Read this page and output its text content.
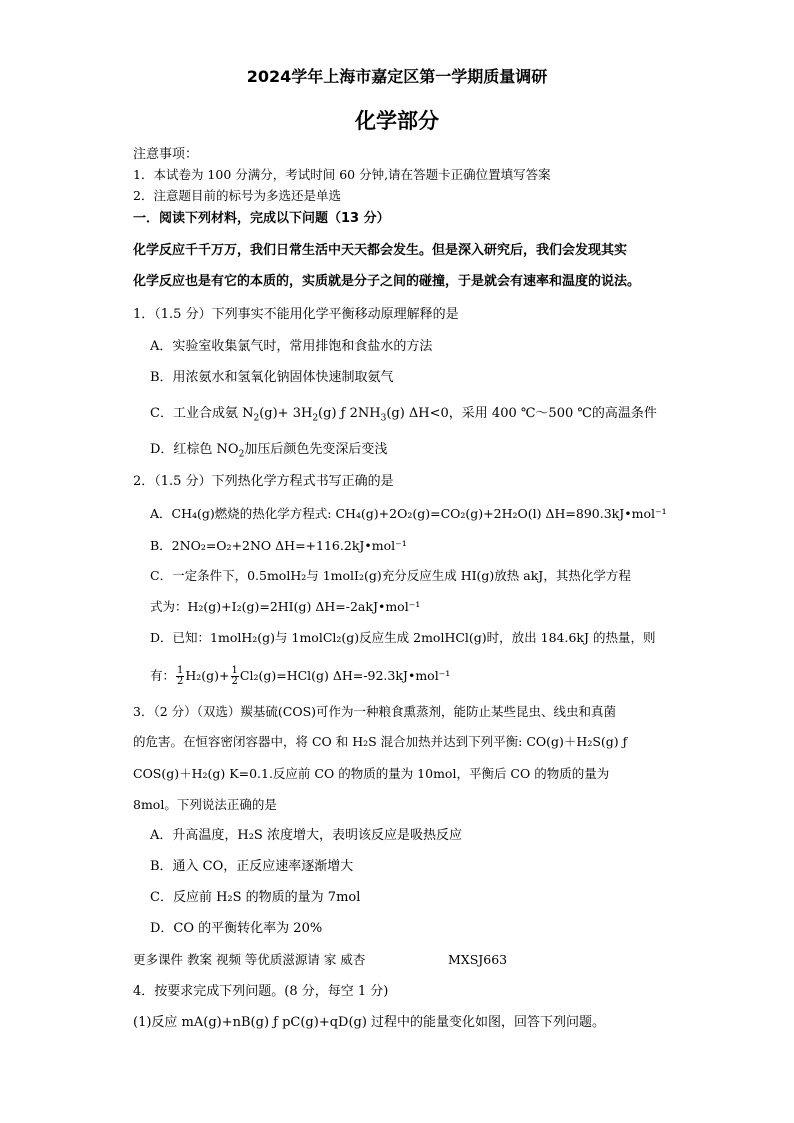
2024学年上海市嘉定区第一学期质量调研
化学部分
注意事项：
1．本试卷为 100 分满分，考试时间 60 分钟,请在答题卡正确位置填写答案
2．注意题目前的标号为多选还是单选
一．阅读下列材料，完成以下问题（13 分）
化学反应千千万万，我们日常生活中天天都会发生。但是深入研究后，我们会发现其实
化学反应也是有它的本质的，实质就是分子之间的碰撞，于是就会有速率和温度的说法。
1．（1.5 分）下列事实不能用化学平衡移动原理解释的是
A．实验室收集氯气时，常用排饱和食盐水的方法
B．用浓氨水和氢氧化钠固体快速制取氨气
C．工业合成氨 $N_2(g)+ 3H_2(g)$ ƒ $2NH_3(g)$ ΔH<0，采用 400 ℃～500 ℃的高温条件
D．红棕色 $NO_2$加压后颜色先变深后变浅
2．（1.5 分）下列热化学方程式书写正确的是
A．CH₄(g)燃烧的热化学方程式: CH₄(g)+2O₂(g)=CO₂(g)+2H₂O(l) ΔH=890.3kJ•mol⁻¹
B．2NO₂=O₂+2NO ΔH=+116.2kJ•mol⁻¹
C．一定条件下，0.5molH₂与 1molI₂(g)充分反应生成 HI(g)放热 akJ，其热化学方程
式为：H₂(g)+I₂(g)=2HI(g) ΔH=-2akJ•mol⁻¹
D．已知：1molH₂(g)与 1molCl₂(g)反应生成 2molHCl(g)时，放出 184.6kJ 的热量，则
有： $\frac{1}{2} H_2(g)+ \frac{1}{2} Cl_2(g)=HCl(g)$ ΔH=-92.3kJ•mol⁻¹
3．（2 分）（双选）羰基硫(COS)可作为一种粮食熏蒸剂，能防止某些昆虫、线虫和真菌
的危害。在恒容密闭容器中，将 CO 和 H₂S 混合加热并达到下列平衡: CO(g)＋H₂S(g) ƒ
COS(g)＋H₂(g) K=0.1.反应前 CO 的物质的量为 10mol，平衡后 CO 的物质的量为
8mol。下列说法正确的是
A．升高温度，H₂S 浓度增大，表明该反应是吸热反应
B．通入 CO，正反应速率逐渐增大
C．反应前 H₂S 的物质的量为 7mol
D．CO 的平衡转化率为 20%
更多课件 教案 视频 等优质滋源请 家 威杏	MXSJ663
4．按要求完成下列问题。(8 分，每空 1 分)
(1)反应 mA(g)+nB(g) ƒ pC(g)+qD(g) 过程中的能量变化如图，回答下列问题。
